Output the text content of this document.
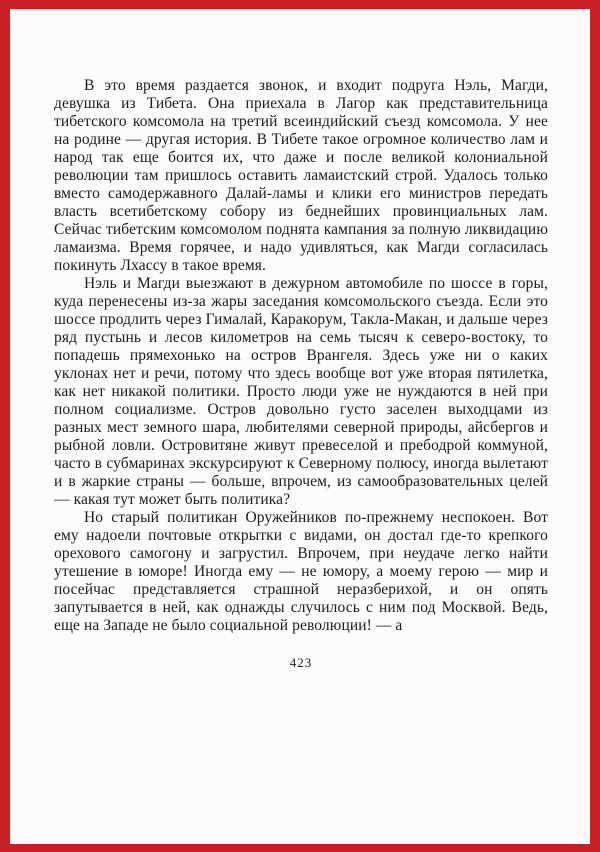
В это время раздается звонок, и входит подруга Нэль, Магди, девушка из Тибета. Она приехала в Лагор как представительница тибетского комсомола на третий всеиндийский съезд комсомола. У нее на родине — другая история. В Тибете такое огромное количество лам и народ так еще боится их, что даже и после великой колониальной революции там пришлось оставить ламаистский строй. Удалось только вместо самодержавного Далай-ламы и клики его министров передать власть всетибетскому собору из беднейших провинциальных лам. Сейчас тибетским комсомолом поднята кампания за полную ликвидацию ламаизма. Время горячее, и надо удивляться, как Магди согласилась покинуть Лхассу в такое время.

Нэль и Магди выезжают в дежурном автомобиле по шоссе в горы, куда перенесены из-за жары заседания комсомольского съезда. Если это шоссе продлить через Гималай, Каракорум, Такла-Макан, и дальше через ряд пустынь и лесов километров на семь тысяч к северо-востоку, то попадешь прямехонько на остров Врангеля. Здесь уже ни о каких уклонах нет и речи, потому что здесь вообще вот уже вторая пятилетка, как нет никакой политики. Просто люди уже не нуждаются в ней при полном социализме. Остров довольно густо заселен выходцами из разных мест земного шара, любителями северной природы, айсбергов и рыбной ловли. Островитяне живут превеселой и пребодрой коммуной, часто в субмаринах экскурсируют к Северному полюсу, иногда вылетают и в жаркие страны — больше, впрочем, из самообразовательных целей — какая тут может быть политика?

Но старый политикан Оружейников по-прежнему неспокоен. Вот ему надоели почтовые открытки с видами, он достал где-то крепкого орехового самогону и загрустил. Впрочем, при неудаче легко найти утешение в юморе! Иногда ему — не юмору, а моему герою — мир и посейчас представляется страшной неразберихой, и он опять запутывается в ней, как однажды случилось с ним под Москвой. Ведь, еще на Западе не было социальной революции! — а

423
